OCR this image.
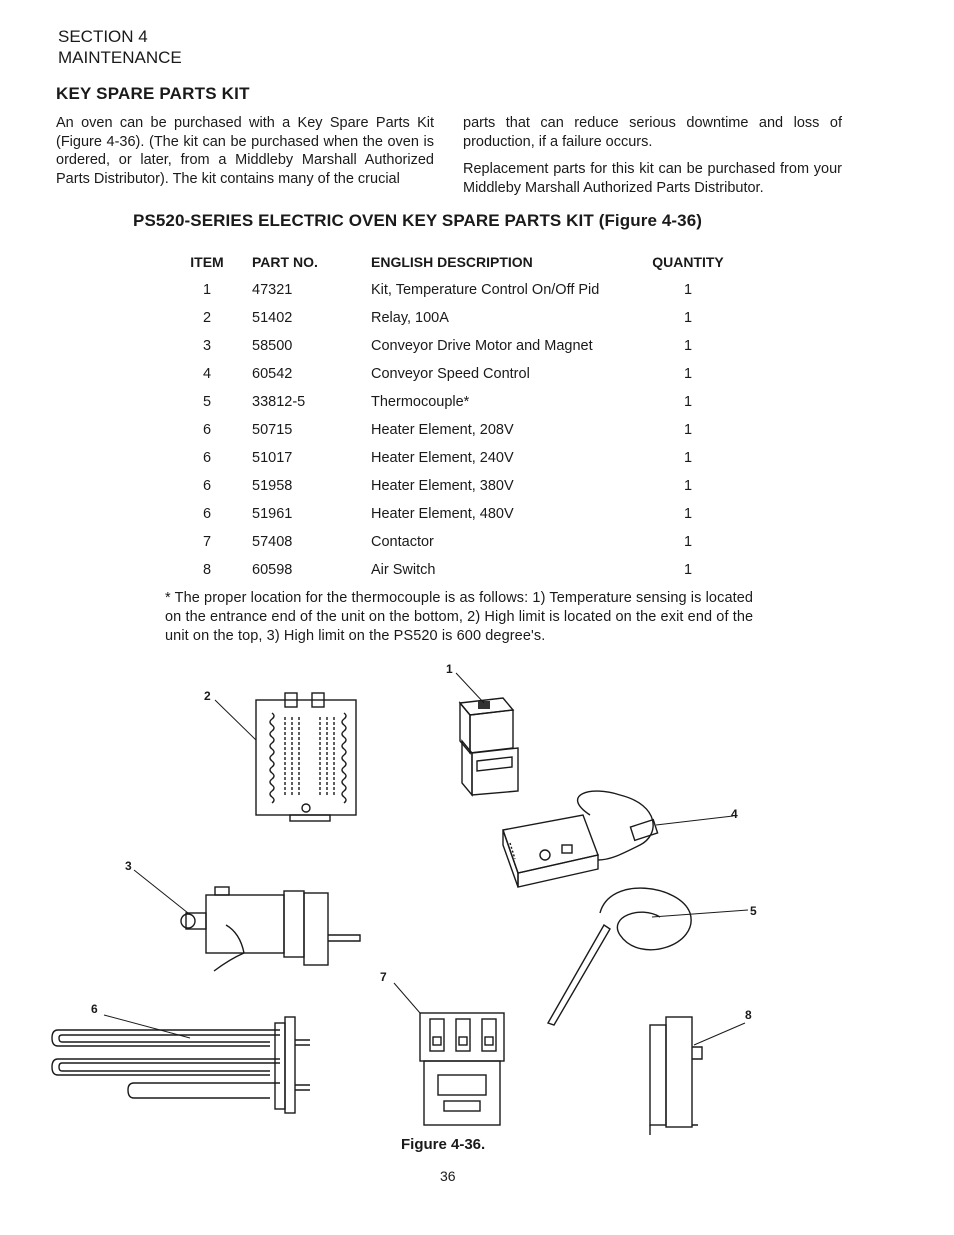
SECTION 4
MAINTENANCE
KEY SPARE PARTS KIT

An oven can be purchased with a Key Spare Parts Kit (Figure 4-36). (The kit can be purchased when the oven is ordered, or later, from a Middleby Marshall Authorized Parts Distributor). The kit contains many of the crucial

parts that can reduce serious downtime and loss of production, if a failure occurs.

Replacement parts for this kit can be purchased from your Middleby Marshall Authorized Parts Distributor.

PS520-SERIES ELECTRIC OVEN KEY SPARE PARTS KIT (Figure 4-36)
ITEM	PART NO.	ENGLISH DESCRIPTION	QUANTITY
1	47321	Kit, Temperature Control On/Off Pid	1
2	51402	Relay, 100A	1
3	58500	Conveyor Drive Motor and Magnet	1
4	60542	Conveyor Speed Control	1
5	33812-5	Thermocouple*	1
6	50715	Heater Element, 208V	1
6	51017	Heater Element, 240V	1
6	51958	Heater Element, 380V	1
6	51961	Heater Element, 480V	1
7	57408	Contactor	1
8	60598	Air Switch	1
* The proper location for the thermocouple is as follows: 1) Temperature sensing is located on the entrance end of the unit on the bottom, 2) High limit is located on the exit end of the unit on the top, 3) High limit on the PS520 is 600 degree's.
1
2
3
4
5
6
7
8
Figure 4-36.
36
